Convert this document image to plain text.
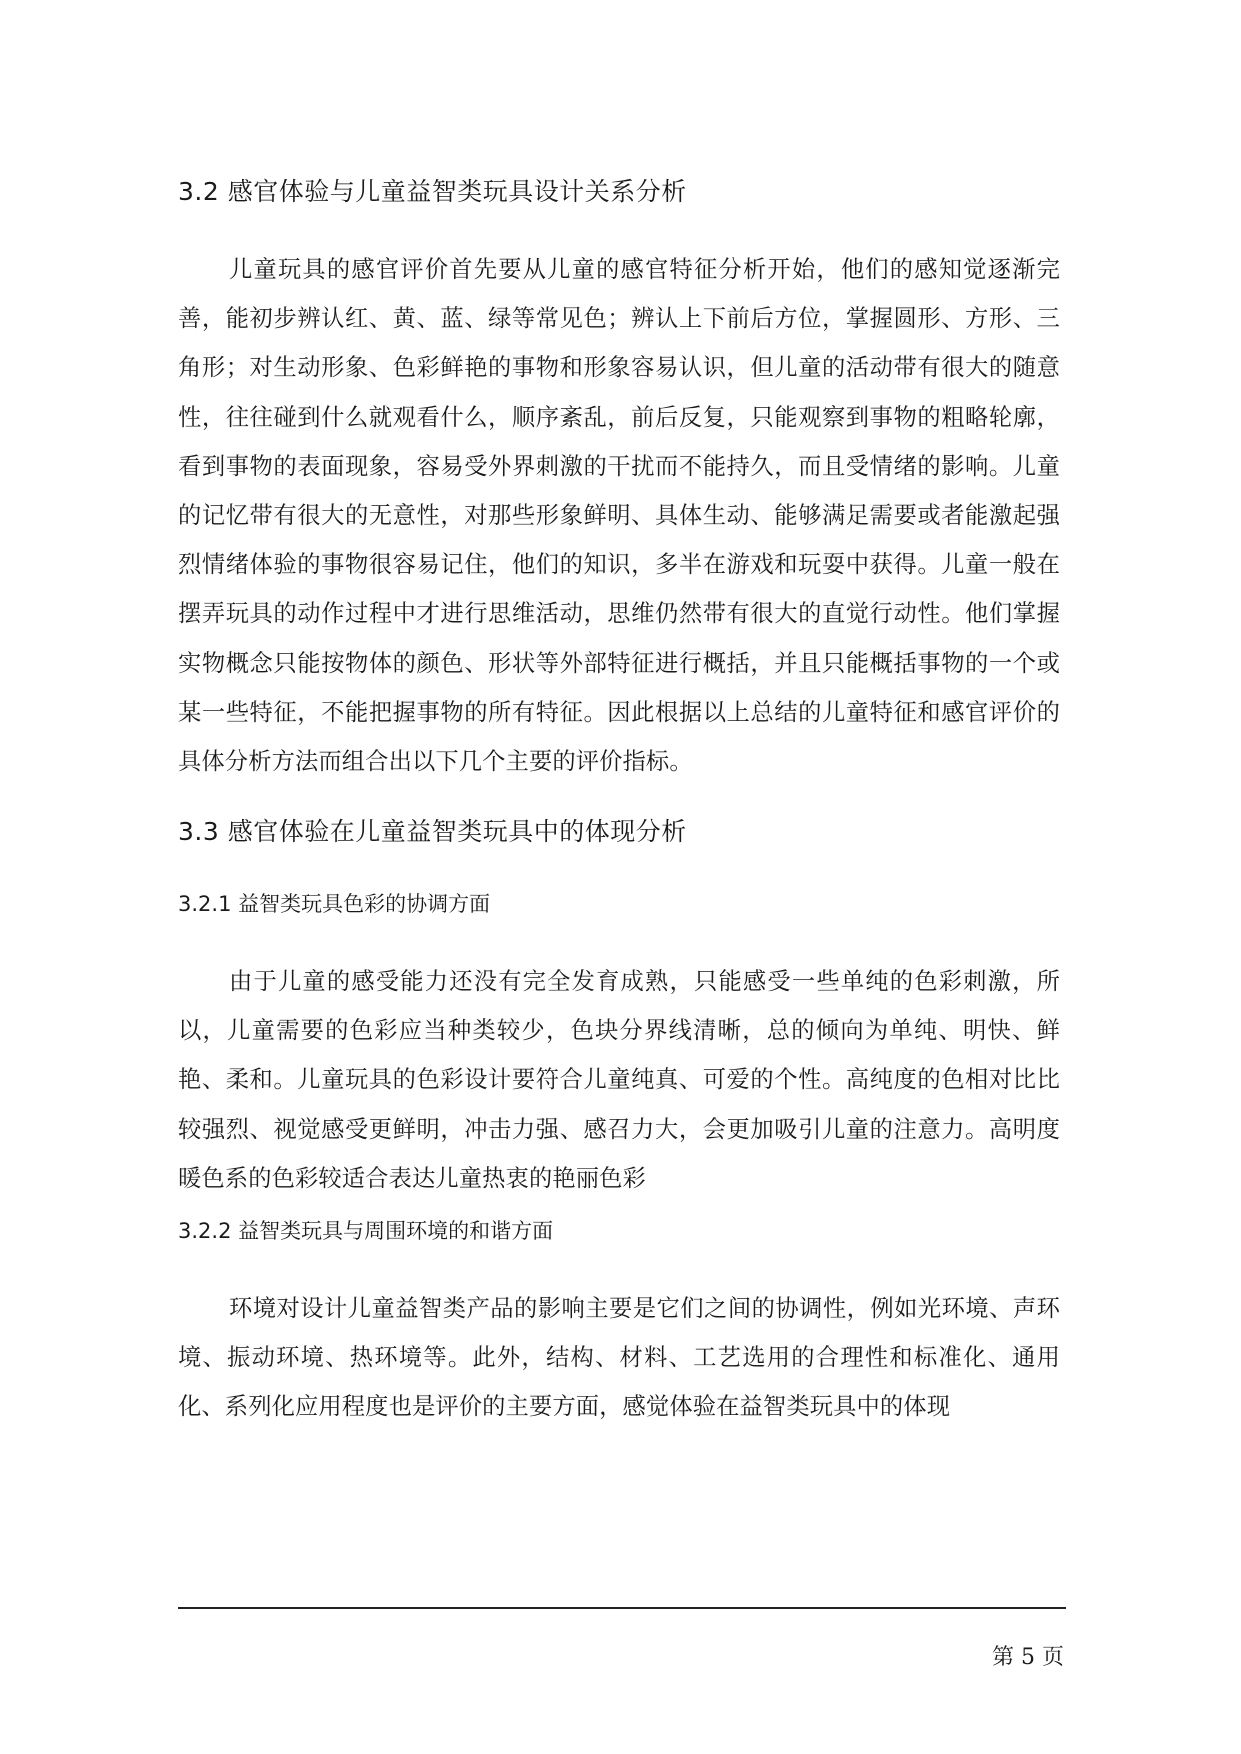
3.2 感官体验与儿童益智类玩具设计关系分析

儿童玩具的感官评价首先要从儿童的感官特征分析开始，他们的感知觉逐渐完善，能初步辨认红、黄、蓝、绿等常见色；辨认上下前后方位，掌握圆形、方形、三角形；对生动形象、色彩鲜艳的事物和形象容易认识，但儿童的活动带有很大的随意性，往往碰到什么就观看什么，顺序紊乱，前后反复，只能观察到事物的粗略轮廓，看到事物的表面现象，容易受外界刺激的干扰而不能持久，而且受情绪的影响。儿童的记忆带有很大的无意性，对那些形象鲜明、具体生动、能够满足需要或者能激起强烈情绪体验的事物很容易记住，他们的知识，多半在游戏和玩耍中获得。儿童一般在摆弄玩具的动作过程中才进行思维活动，思维仍然带有很大的直觉行动性。他们掌握实物概念只能按物体的颜色、形状等外部特征进行概括，并且只能概括事物的一个或某一些特征，不能把握事物的所有特征。因此根据以上总结的儿童特征和感官评价的具体分析方法而组合出以下几个主要的评价指标。

3.3 感官体验在儿童益智类玩具中的体现分析
3.2.1 益智类玩具色彩的协调方面

由于儿童的感受能力还没有完全发育成熟，只能感受一些单纯的色彩刺激，所以，儿童需要的色彩应当种类较少，色块分界线清晰，总的倾向为单纯、明快、鲜艳、柔和。儿童玩具的色彩设计要符合儿童纯真、可爱的个性。高纯度的色相对比比较强烈、视觉感受更鲜明，冲击力强、感召力大，会更加吸引儿童的注意力。高明度暖色系的色彩较适合表达儿童热衷的艳丽色彩

3.2.2 益智类玩具与周围环境的和谐方面

环境对设计儿童益智类产品的影响主要是它们之间的协调性，例如光环境、声环境、振动环境、热环境等。此外，结构、材料、工艺选用的合理性和标准化、通用化、系列化应用程度也是评价的主要方面，感觉体验在益智类玩具中的体现

第 5 页
